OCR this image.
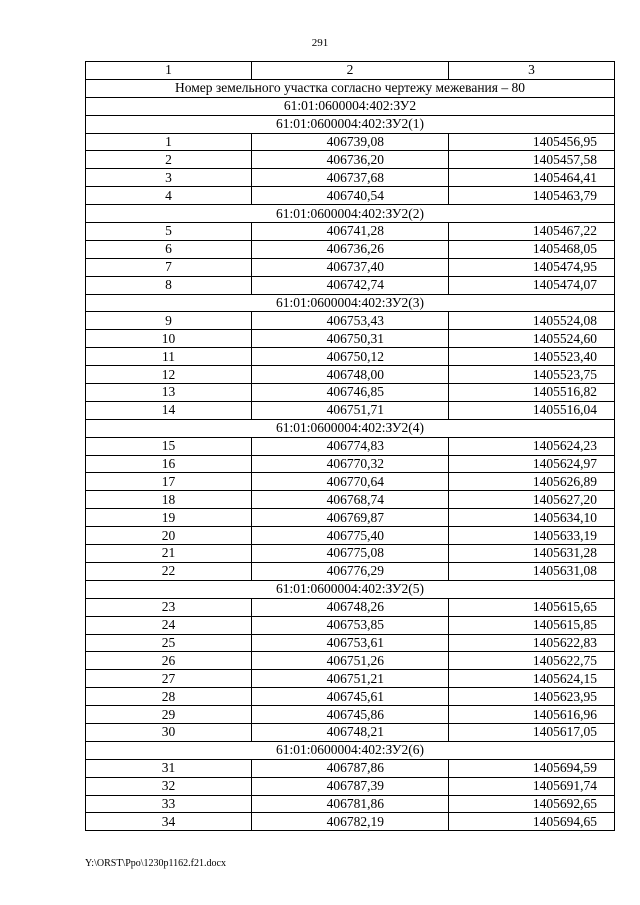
291
1	2	3
Номер земельного участка согласно чертежу межевания – 80		
61:01:0600004:402:ЗУ2		
61:01:0600004:402:ЗУ2(1)		
1	406739,08	1405456,95
2	406736,20	1405457,58
3	406737,68	1405464,41
4	406740,54	1405463,79
61:01:0600004:402:ЗУ2(2)		
5	406741,28	1405467,22
6	406736,26	1405468,05
7	406737,40	1405474,95
8	406742,74	1405474,07
61:01:0600004:402:ЗУ2(3)		
9	406753,43	1405524,08
10	406750,31	1405524,60
11	406750,12	1405523,40
12	406748,00	1405523,75
13	406746,85	1405516,82
14	406751,71	1405516,04
61:01:0600004:402:ЗУ2(4)		
15	406774,83	1405624,23
16	406770,32	1405624,97
17	406770,64	1405626,89
18	406768,74	1405627,20
19	406769,87	1405634,10
20	406775,40	1405633,19
21	406775,08	1405631,28
22	406776,29	1405631,08
61:01:0600004:402:ЗУ2(5)		
23	406748,26	1405615,65
24	406753,85	1405615,85
25	406753,61	1405622,83
26	406751,26	1405622,75
27	406751,21	1405624,15
28	406745,61	1405623,95
29	406745,86	1405616,96
30	406748,21	1405617,05
61:01:0600004:402:ЗУ2(6)		
31	406787,86	1405694,59
32	406787,39	1405691,74
33	406781,86	1405692,65
34	406782,19	1405694,65
Y:\ORST\Ppo\1230p1162.f21.docx
